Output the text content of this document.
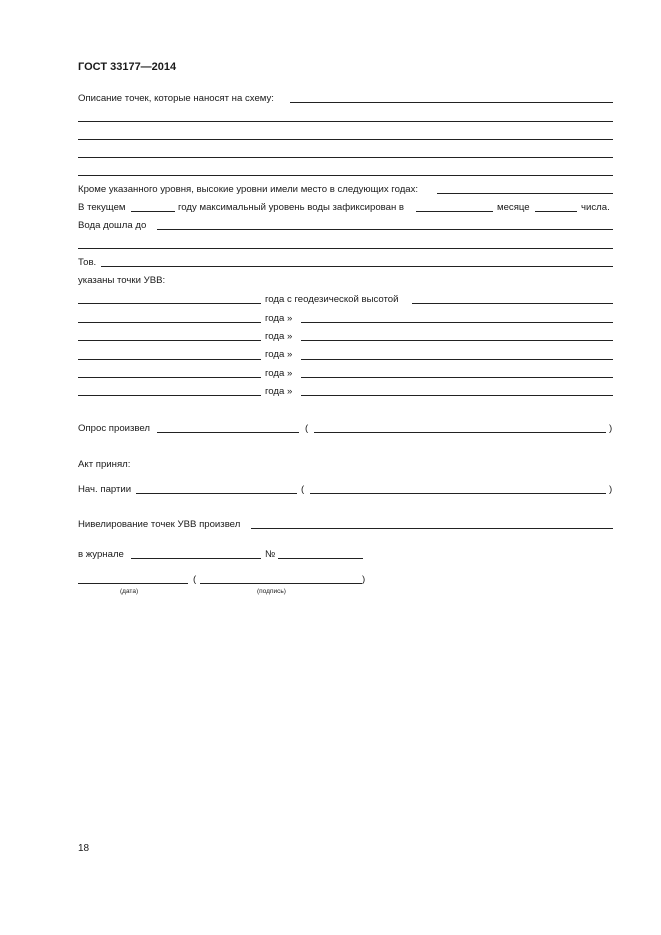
ГОСТ 33177—2014
Описание точек, которые наносят на схему:
Кроме указанного уровня, высокие уровни имели место в следующих годах:
В текущем	году максимальный уровень воды зафиксирован в	месяце	числа.
Вода дошла до
Тов.
указаны точки УВВ:
года с геодезической высотой
года »
года »
года »
года »
года »
Опрос произвел	(	)
Акт принял:
Нач. партии	(	)
Нивелирование точек УВВ произвел
в журнале	№
(	)
(дата)	(подпись)
18
